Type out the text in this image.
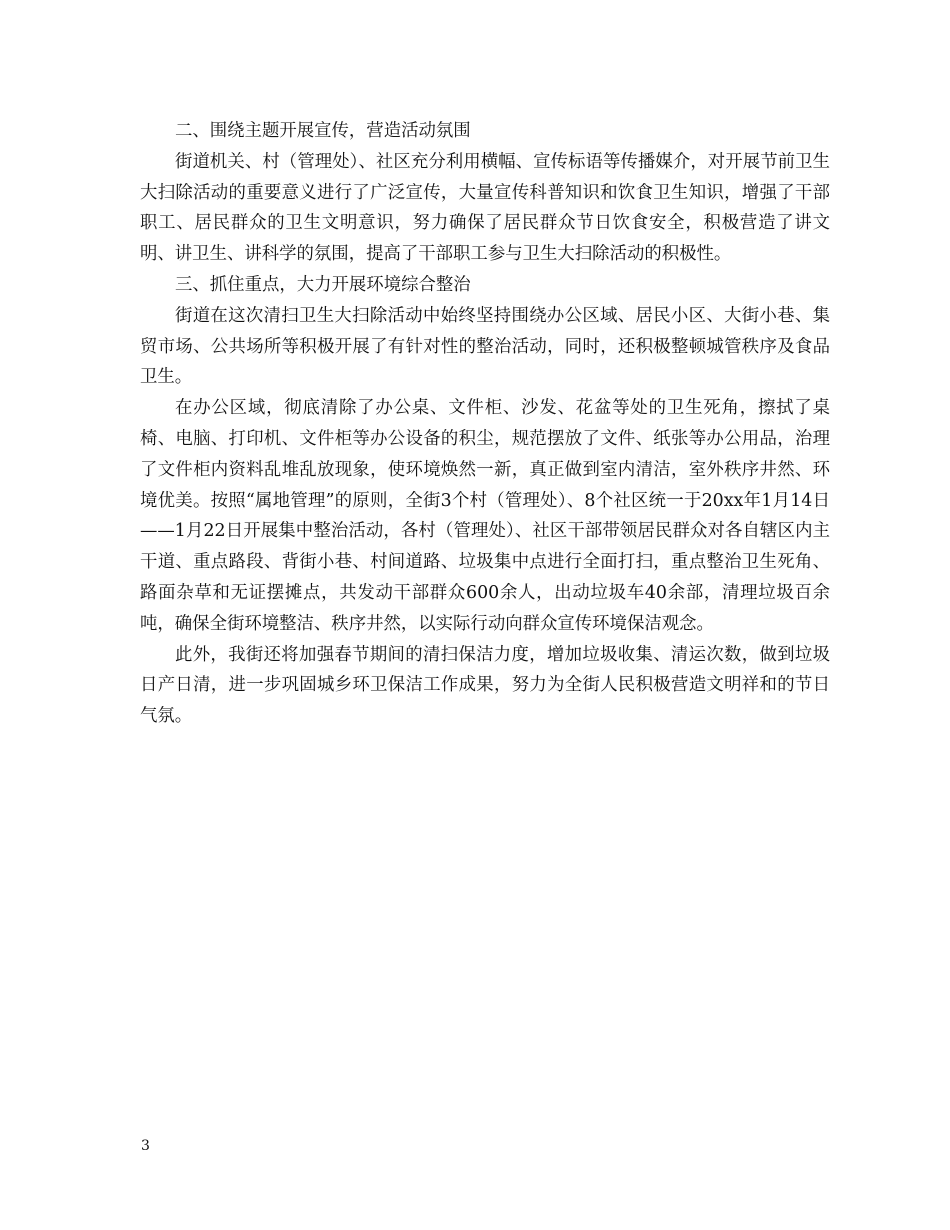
二、围绕主题开展宣传，营造活动氛围

街道机关、村（管理处）、社区充分利用横幅、宣传标语等传播媒介，对开展节前卫生大扫除活动的重要意义进行了广泛宣传，大量宣传科普知识和饮食卫生知识，增强了干部职工、居民群众的卫生文明意识，努力确保了居民群众节日饮食安全，积极营造了讲文明、讲卫生、讲科学的氛围，提高了干部职工参与卫生大扫除活动的积极性。

三、抓住重点，大力开展环境综合整治

街道在这次清扫卫生大扫除活动中始终坚持围绕办公区域、居民小区、大街小巷、集贸市场、公共场所等积极开展了有针对性的整治活动，同时，还积极整顿城管秩序及食品卫生。

在办公区域，彻底清除了办公桌、文件柜、沙发、花盆等处的卫生死角，擦拭了桌椅、电脑、打印机、文件柜等办公设备的积尘，规范摆放了文件、纸张等办公用品，治理了文件柜内资料乱堆乱放现象，使环境焕然一新，真正做到室内清洁，室外秩序井然、环境优美。按照“属地管理”的原则，全街3个村（管理处）、8个社区统一于20xx年1月14日——1月22日开展集中整治活动，各村（管理处）、社区干部带领居民群众对各自辖区内主干道、重点路段、背街小巷、村间道路、垃圾集中点进行全面打扫，重点整治卫生死角、路面杂草和无证摆摊点，共发动干部群众600余人，出动垃圾车40余部，清理垃圾百余吨，确保全街环境整洁、秩序井然，以实际行动向群众宣传环境保洁观念。

此外，我街还将加强春节期间的清扫保洁力度，增加垃圾收集、清运次数，做到垃圾日产日清，进一步巩固城乡环卫保洁工作成果，努力为全街人民积极营造文明祥和的节日气氛。

3
